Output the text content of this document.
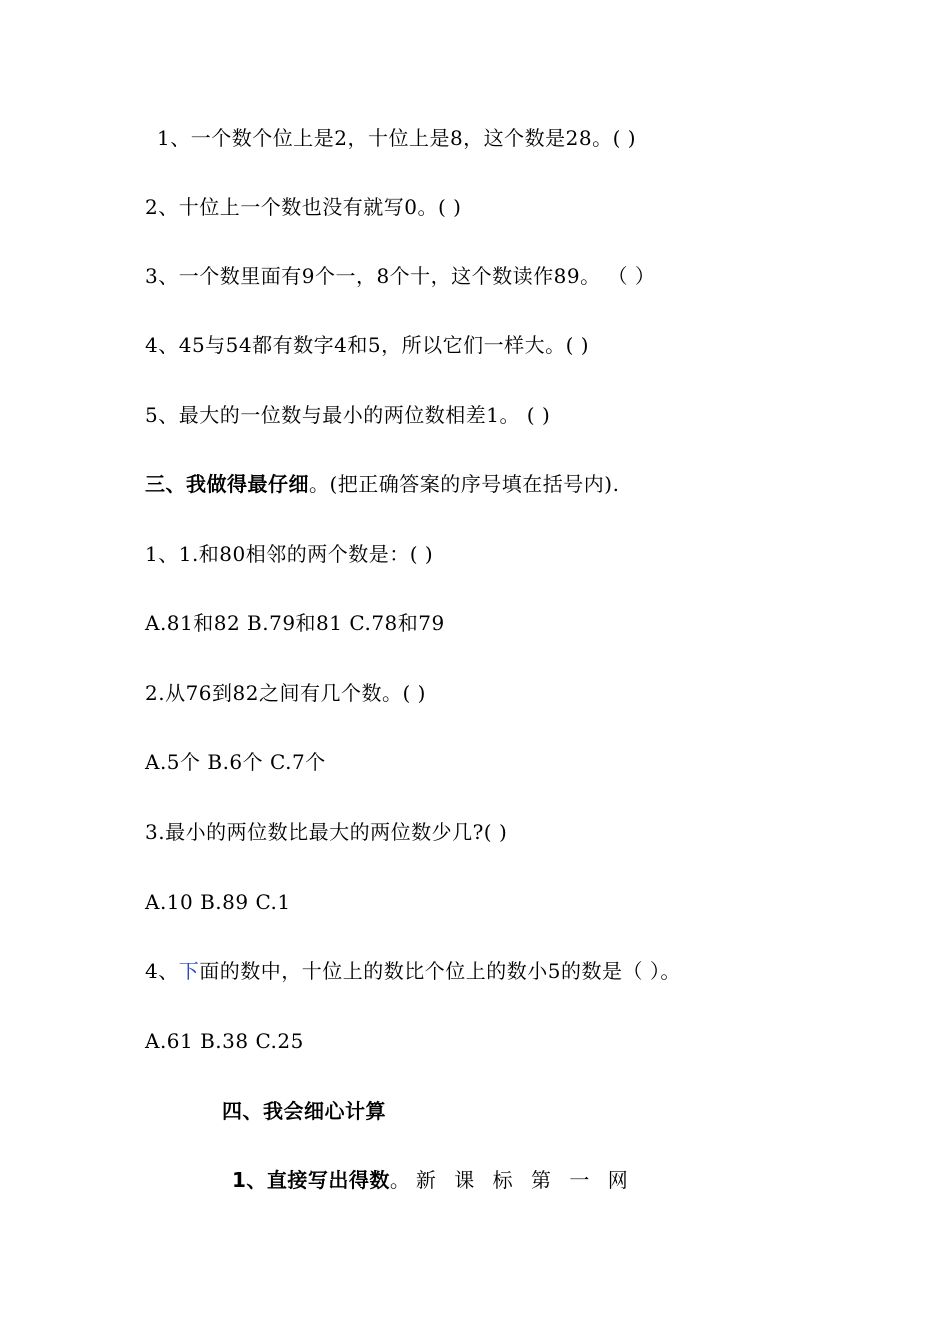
1、一个数个位上是2，十位上是8，这个数是28。( )
2、十位上一个数也没有就写0。( )
3、一个数里面有9个一，8个十，这个数读作89。 （ ）
4、45与54都有数字4和5，所以它们一样大。( )
5、最大的一位数与最小的两位数相差1。 ( )
三、我做得最仔细。(把正确答案的序号填在括号内).
1、1.和80相邻的两个数是：( )
A.81和82 B.79和81 C.78和79
2.从76到82之间有几个数。( )
A.5个 B.6个 C.7个
3.最小的两位数比最大的两位数少几?( )
A.10 B.89 C.1
4、下面的数中，十位上的数比个位上的数小5的数是（ ）。
A.61 B.38 C.25
四、我会细心计算
1、直接写出得数。新 课 标 第 一 网
